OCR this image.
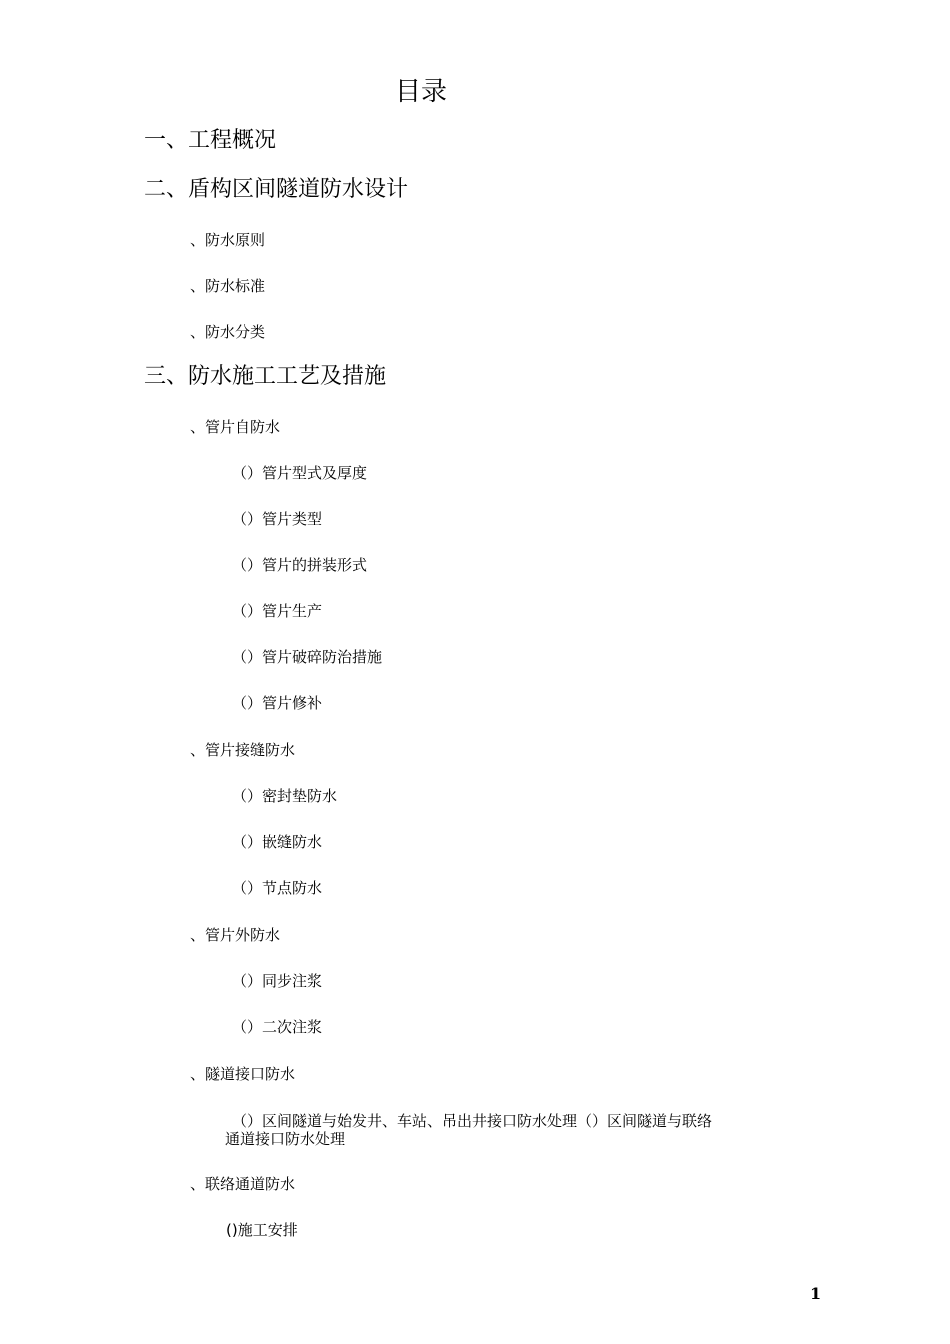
目录
一、工程概况
二、盾构区间隧道防水设计
、防水原则
、防水标准
、防水分类
三、防水施工工艺及措施
、管片自防水
（）管片型式及厚度
（）管片类型
（）管片的拼装形式
（）管片生产
（）管片破碎防治措施
（）管片修补
、管片接缝防水
（）密封垫防水
（）嵌缝防水
（）节点防水
、管片外防水
（）同步注浆
（）二次注浆
、隧道接口防水
（）区间隧道与始发井、车站、吊出井接口防水处理（）区间隧道与联络通道接口防水处理
、联络通道防水
()施工安排
1
